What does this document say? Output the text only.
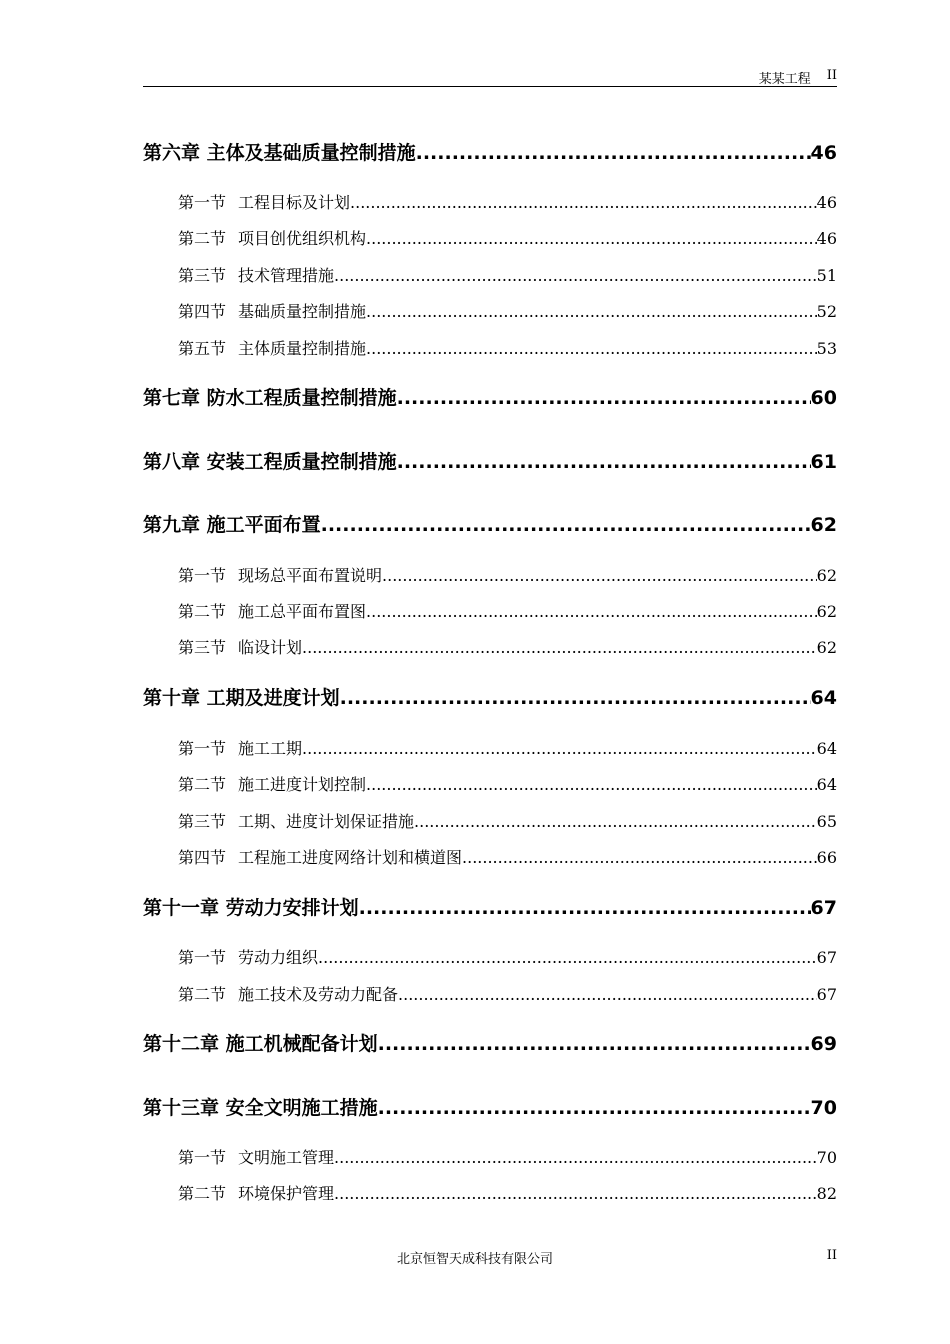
某某工程 II
第六章 主体及基础质量控制措施 .....	46
第一节 工程目标及计划 .....	46
第二节 项目创优组织机构 .....	46
第三节 技术管理措施 .....	51
第四节 基础质量控制措施 .....	52
第五节 主体质量控制措施 .....	53
第七章 防水工程质量控制措施 .....	60
第八章 安装工程质量控制措施 .....	61
第九章 施工平面布置 .....	62
第一节 现场总平面布置说明 .....	62
第二节 施工总平面布置图 .....	62
第三节 临设计划 .....	62
第十章 工期及进度计划 .....	64
第一节 施工工期 .....	64
第二节 施工进度计划控制 .....	64
第三节 工期、进度计划保证措施 .....	65
第四节 工程施工进度网络计划和横道图 .....	66
第十一章 劳动力安排计划 .....	67
第一节 劳动力组织 .....	67
第二节 施工技术及劳动力配备 .....	67
第十二章 施工机械配备计划 .....	69
第十三章 安全文明施工措施 .....	70
第一节 文明施工管理 .....	70
第二节 环境保护管理 .....	82
北京恒智天成科技有限公司	II
